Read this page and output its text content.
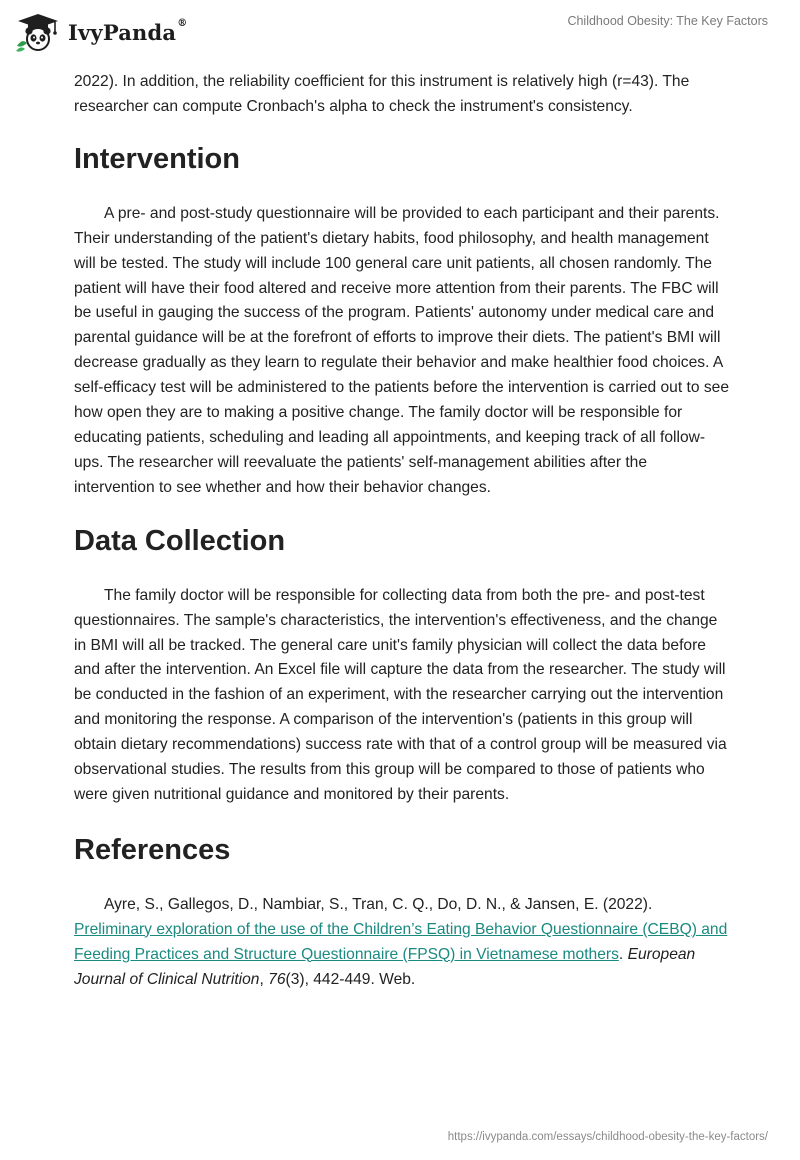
IvyPanda®	Childhood Obesity: The Key Factors

2022). In addition, the reliability coefficient for this instrument is relatively high (r=43). The researcher can compute Cronbach's alpha to check the instrument's consistency.

Intervention

A pre- and post-study questionnaire will be provided to each participant and their parents. Their understanding of the patient's dietary habits, food philosophy, and health management will be tested. The study will include 100 general care unit patients, all chosen randomly. The patient will have their food altered and receive more attention from their parents. The FBC will be useful in gauging the success of the program. Patients' autonomy under medical care and parental guidance will be at the forefront of efforts to improve their diets. The patient's BMI will decrease gradually as they learn to regulate their behavior and make healthier food choices. A self-efficacy test will be administered to the patients before the intervention is carried out to see how open they are to making a positive change. The family doctor will be responsible for educating patients, scheduling and leading all appointments, and keeping track of all follow-ups. The researcher will reevaluate the patients' self-management abilities after the intervention to see whether and how their behavior changes.

Data Collection

The family doctor will be responsible for collecting data from both the pre- and post-test questionnaires. The sample's characteristics, the intervention's effectiveness, and the change in BMI will all be tracked. The general care unit's family physician will collect the data before and after the intervention. An Excel file will capture the data from the researcher. The study will be conducted in the fashion of an experiment, with the researcher carrying out the intervention and monitoring the response. A comparison of the intervention's (patients in this group will obtain dietary recommendations) success rate with that of a control group will be measured via observational studies. The results from this group will be compared to those of patients who were given nutritional guidance and monitored by their parents.

References

Ayre, S., Gallegos, D., Nambiar, S., Tran, C. Q., Do, D. N., & Jansen, E. (2022). Preliminary exploration of the use of the Children’s Eating Behavior Questionnaire (CEBQ) and Feeding Practices and Structure Questionnaire (FPSQ) in Vietnamese mothers. European Journal of Clinical Nutrition, 76(3), 442-449. Web.

https://ivypanda.com/essays/childhood-obesity-the-key-factors/
